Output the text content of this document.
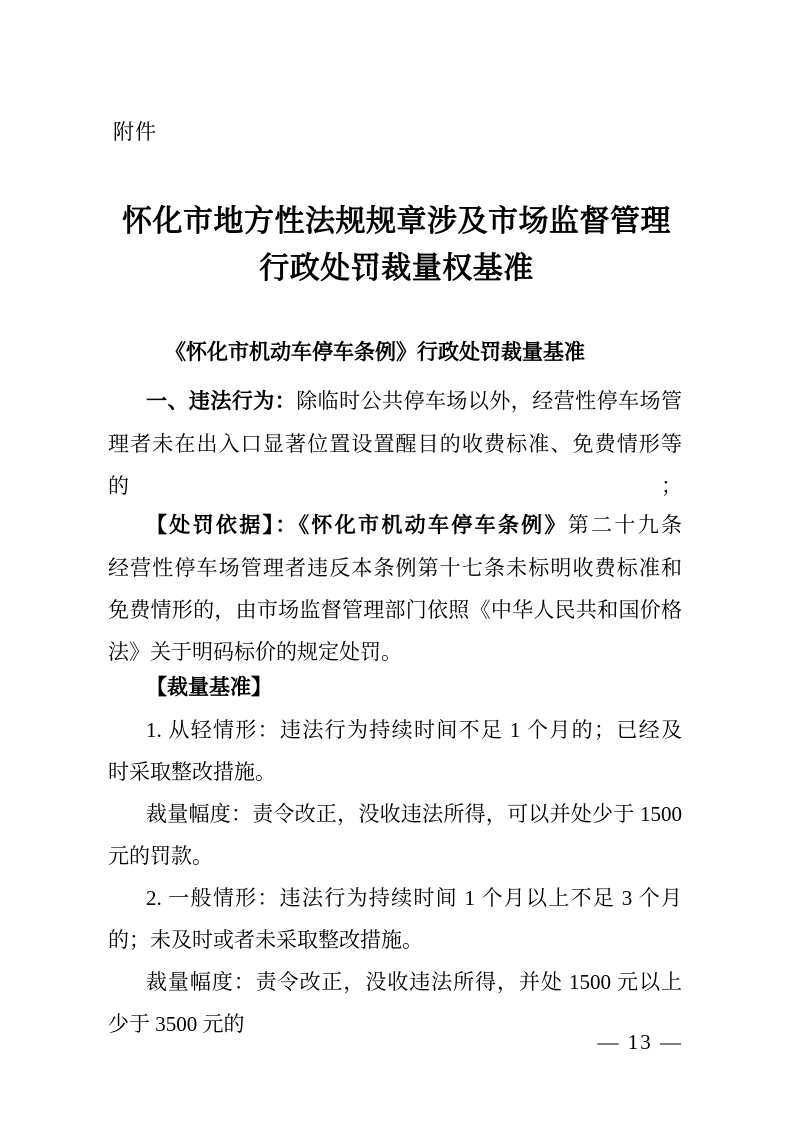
附件
怀化市地方性法规规章涉及市场监督管理
行政处罚裁量权基准
《怀化市机动车停车条例》行政处罚裁量基准
一、违法行为：除临时公共停车场以外，经营性停车场管
理者未在出入口显著位置设置醒目的收费标准、免费情形等的；
【处罚依据】：《怀化市机动车停车条例》第二十九条
经营性停车场管理者违反本条例第十七条未标明收费标准和
免费情形的，由市场监督管理部门依照《中华人民共和国价格
法》关于明码标价的规定处罚。
【裁量基准】
1. 从轻情形：违法行为持续时间不足 1 个月的；已经及
时采取整改措施。
裁量幅度：责令改正，没收违法所得，可以并处少于 1500
元的罚款。
2. 一般情形：违法行为持续时间 1 个月以上不足 3 个月
的；未及时或者未采取整改措施。
裁量幅度：责令改正，没收违法所得，并处 1500 元以上
少于 3500 元的
— 13 —
